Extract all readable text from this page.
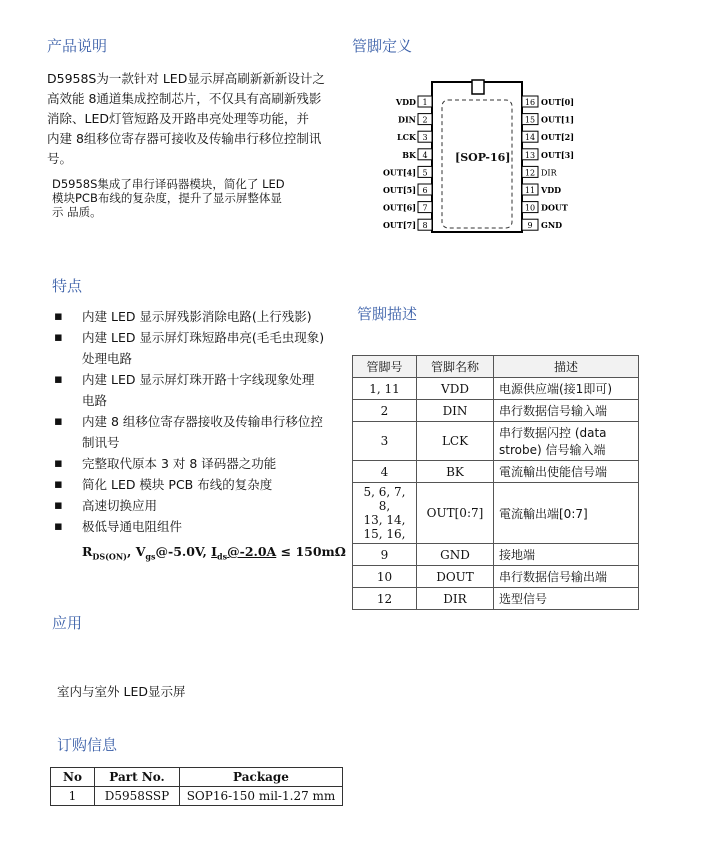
产品说明
D5958S为一款针对 LED显示屏高刷新新新设计之
高效能 8通道集成控制芯片，不仅具有高刷新残影
消除、LED灯管短路及开路串亮处理等功能，并
内建 8组移位寄存器可接收及传输串行移位控制讯
号。
D5958S集成了串行译码器模块，简化了 LED
模块PCB布线的复杂度，提升了显示屏整体显
示 品质。
管脚定义
1
VDD
2
DIN
3
LCK
4
BK
5
OUT[4]
6
OUT[5]
7
OUT[6]
8
OUT[7]
16 OUT[0]
15 OUT[1]
14 OUT[2]
13 OUT[3]
12 DIR
11 VDD
10 DOUT
9 GND
[SOP-16]
特点
▪ 内建 LED 显示屏残影消除电路(上行残影)
▪ 内建 LED 显示屏灯珠短路串亮(毛毛虫现象)
处理电路
▪ 内建 LED 显示屏灯珠开路十字线现象处理
电路
▪ 内建 8 组移位寄存器接收及传输串行移位控
制讯号
▪ 完整取代原本 3 对 8 译码器之功能
▪ 简化 LED 模块 PCB 布线的复杂度
▪ 高速切换应用
▪ 极低导通电阻组件
$R_{DS(ON)}$, $V_{gs}@-5.0V$, $I_{ds}@-2.0A \le 150m\Omega$
管脚描述
管脚号	管脚名称	描述
1, 11	VDD	电源供应端(接1即可)
2	DIN	串行数据信号输入端
3	LCK	串行数据闪控 (data
strobe) 信号输入端

4	BK	電流輸出使能信号端

5, 6, 7, 8,
13, 14,
15, 16,	OUT[0:7]	電流輸出端[0:7]
9	GND	接地端
10	DOUT	串行数据信号输出端
12	DIR	选型信号
应用
室内与室外 LED显示屏
订购信息
No	Part No.	Package
1	D5958SSP	SOP16-150 mil-1.27 mm
